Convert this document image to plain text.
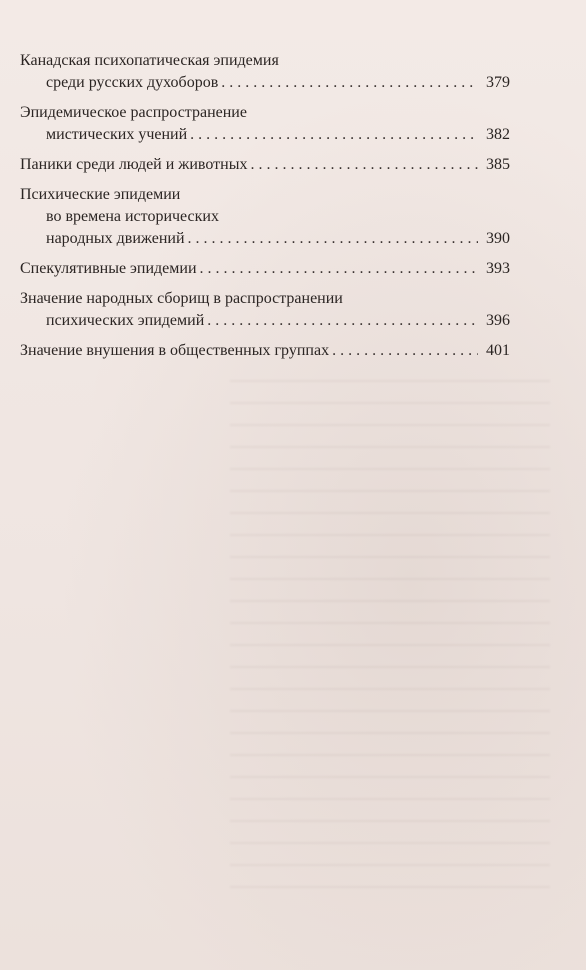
Канадская психопатическая эпидемия
среди русских духоборов . . .	379
Эпидемическое распространение
мистических учений . . .	382
Паники среди людей и животных . . .	385
Психические эпидемии
во времена исторических
народных движений . . .	390
Спекулятивные эпидемии . . .	393
Значение народных сборищ в распространении
психических эпидемий . . .	396
Значение внушения в общественных группах . . .	401
